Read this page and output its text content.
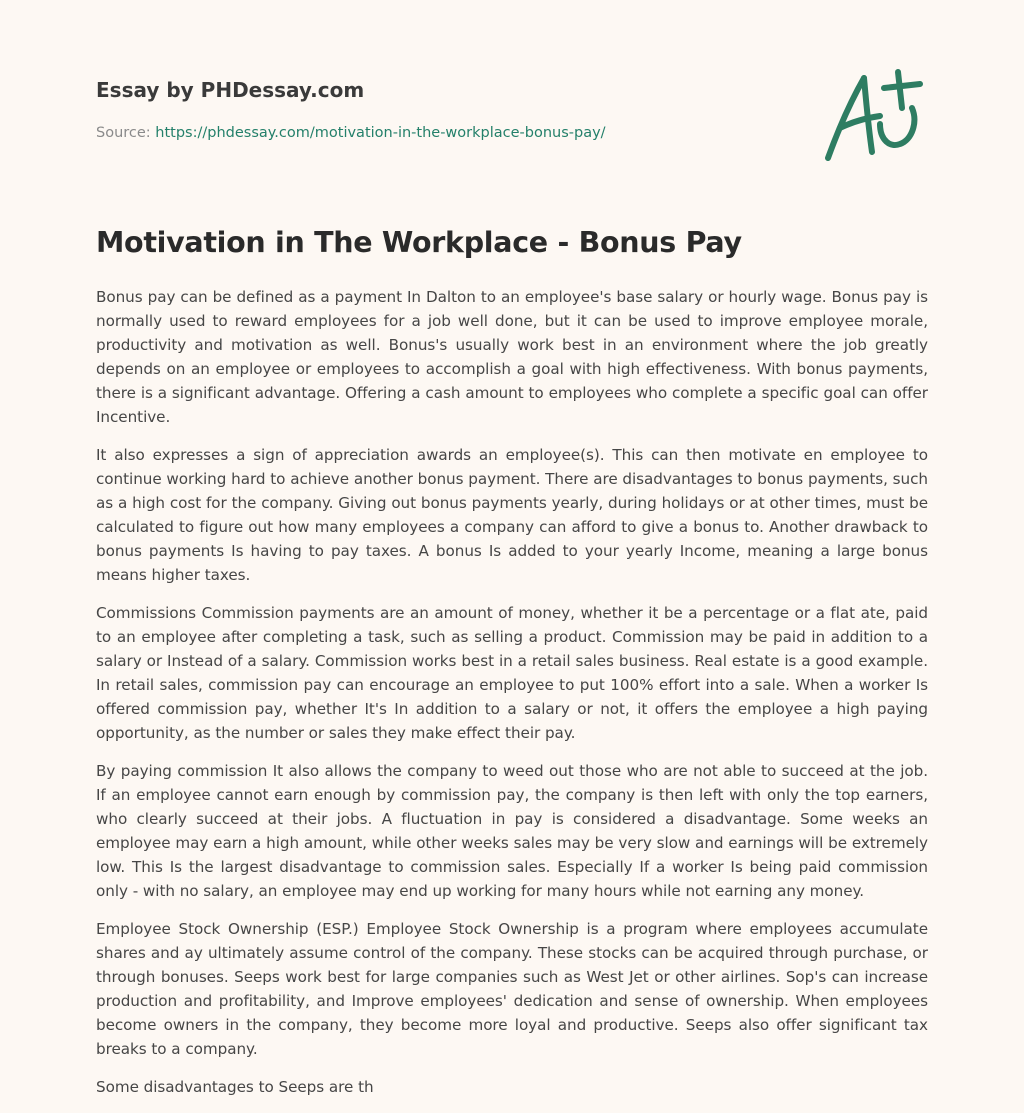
Essay by PHDessay.com
Source: https://phdessay.com/motivation-in-the-workplace-bonus-pay/
Motivation in The Workplace - Bonus Pay

Bonus pay can be defined as a payment In Dalton to an employee's base salary or hourly wage. Bonus pay is normally used to reward employees for a job well done, but it can be used to improve employee morale, productivity and motivation as well. Bonus's usually work best in an environment where the job greatly depends on an employee or employees to accomplish a goal with high effectiveness. With bonus payments, there is a significant advantage. Offering a cash amount to employees who complete a specific goal can offer Incentive.

It also expresses a sign of appreciation awards an employee(s). This can then motivate en employee to continue working hard to achieve another bonus payment. There are disadvantages to bonus payments, such as a high cost for the company. Giving out bonus payments yearly, during holidays or at other times, must be calculated to figure out how many employees a company can afford to give a bonus to. Another drawback to bonus payments Is having to pay taxes. A bonus Is added to your yearly Income, meaning a large bonus means higher taxes.

Commissions Commission payments are an amount of money, whether it be a percentage or a flat ate, paid to an employee after completing a task, such as selling a product. Commission may be paid in addition to a salary or Instead of a salary. Commission works best in a retail sales business. Real estate is a good example. In retail sales, commission pay can encourage an employee to put 100% effort into a sale. When a worker Is offered commission pay, whether It's In addition to a salary or not, it offers the employee a high paying opportunity, as the number or sales they make effect their pay.

By paying commission It also allows the company to weed out those who are not able to succeed at the job. If an employee cannot earn enough by commission pay, the company is then left with only the top earners, who clearly succeed at their jobs. A fluctuation in pay is considered a disadvantage. Some weeks an employee may earn a high amount, while other weeks sales may be very slow and earnings will be extremely low. This Is the largest disadvantage to commission sales. Especially If a worker Is being paid commission only - with no salary, an employee may end up working for many hours while not earning any money.

Employee Stock Ownership (ESP.) Employee Stock Ownership is a program where employees accumulate shares and ay ultimately assume control of the company. These stocks can be acquired through purchase, or through bonuses. Seeps work best for large companies such as West Jet or other airlines. Sop's can increase production and profitability, and Improve employees' dedication and sense of ownership. When employees become owners in the company, they become more loyal and productive. Seeps also offer significant tax breaks to a company.

Some disadvantages to Seeps are th
